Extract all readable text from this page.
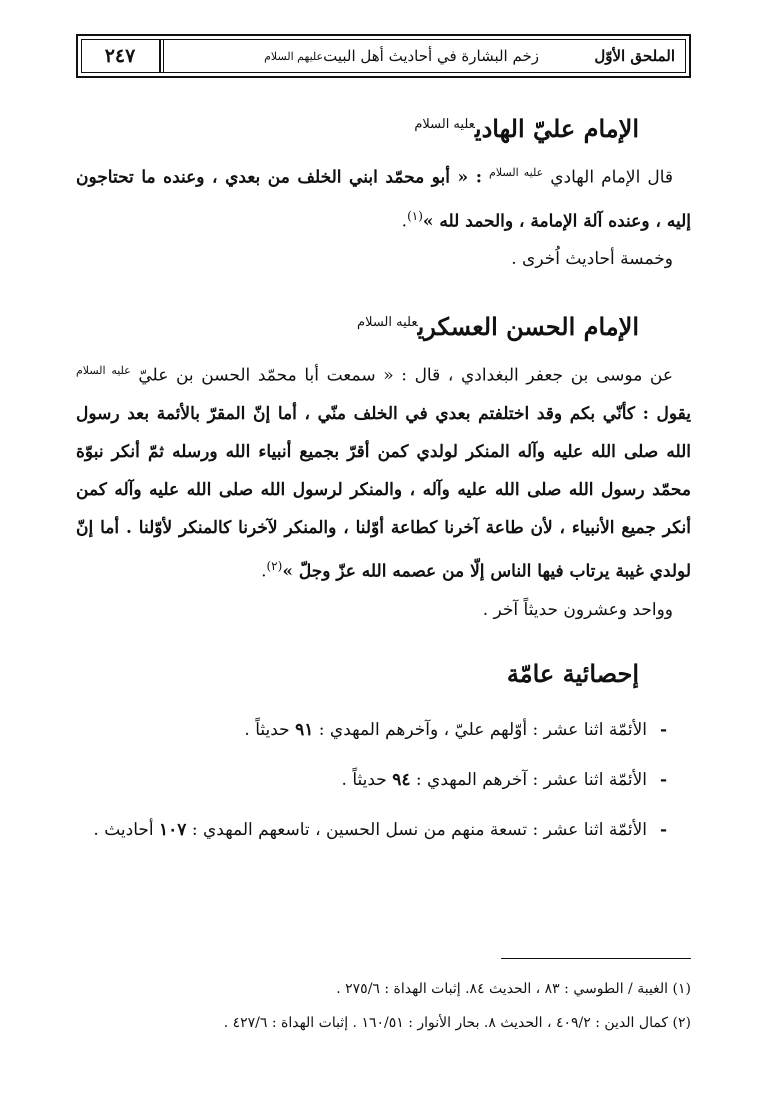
٢٤٧	الملحق الأوّل
زخم البشارة في أحاديث أهل البيت
عليهم السلام
الإمام عليّ الهادي$^{عليه السلام}$

قال الإمام الهادي $^{عليه السلام}$ : « أبو محمّد ابني الخلف من بعدي ، وعنده ما تحتاجون إليه ، وعنده آلة الإمامة ، والحمد لله »$^{(١)}$.

وخمسة أحاديث اُخرى .

الإمام الحسن العسكري$^{عليه السلام}$

عن موسى بن جعفر البغدادي ، قال : « سمعت أبا محمّد الحسن بن عليّ $^{عليه السلام}$ يقول : كأنّي بكم وقد اختلفتم بعدي في الخلف منّي ، أما إنّ المقرّ بالأئمة بعد رسول الله صلى الله عليه وآله المنكر لولدي كمن أقرّ بجميع أنبياء الله ورسله ثمّ أنكر نبوّة محمّد رسول الله صلى الله عليه وآله ، والمنكر لرسول الله صلى الله عليه وآله كمن أنكر جميع الأنبياء ، لأن طاعة آخرنا كطاعة أوّلنا ، والمنكر لآخرنا كالمنكر لأوّلنا . أما إنّ لولدي غيبة يرتاب فيها الناس إلّا من عصمه الله عزّ وجلّ »$^{(٢)}$.

وواحد وعشرون حديثاً آخر .

إحصائية عامّة
-
الأئمّة اثنا عشر : أوّلهم عليّ ، وآخرهم المهدي : ٩١ حديثاً .
-
الأئمّة اثنا عشر : آخرهم المهدي : ٩٤ حديثاً .
-
الأئمّة اثنا عشر : تسعة منهم من نسل الحسين ، تاسعهم المهدي : ١٠٧ أحاديث .
(١) الغيبة / الطوسي : ٨٣ ، الحديث ٨٤. إثبات الهداة : ٢٧٥/٦ .
(٢) كمال الدين : ٤٠٩/٢ ، الحديث ٨. بحار الأنوار : ١٦٠/٥١ . إثبات الهداة : ٤٢٧/٦ .
